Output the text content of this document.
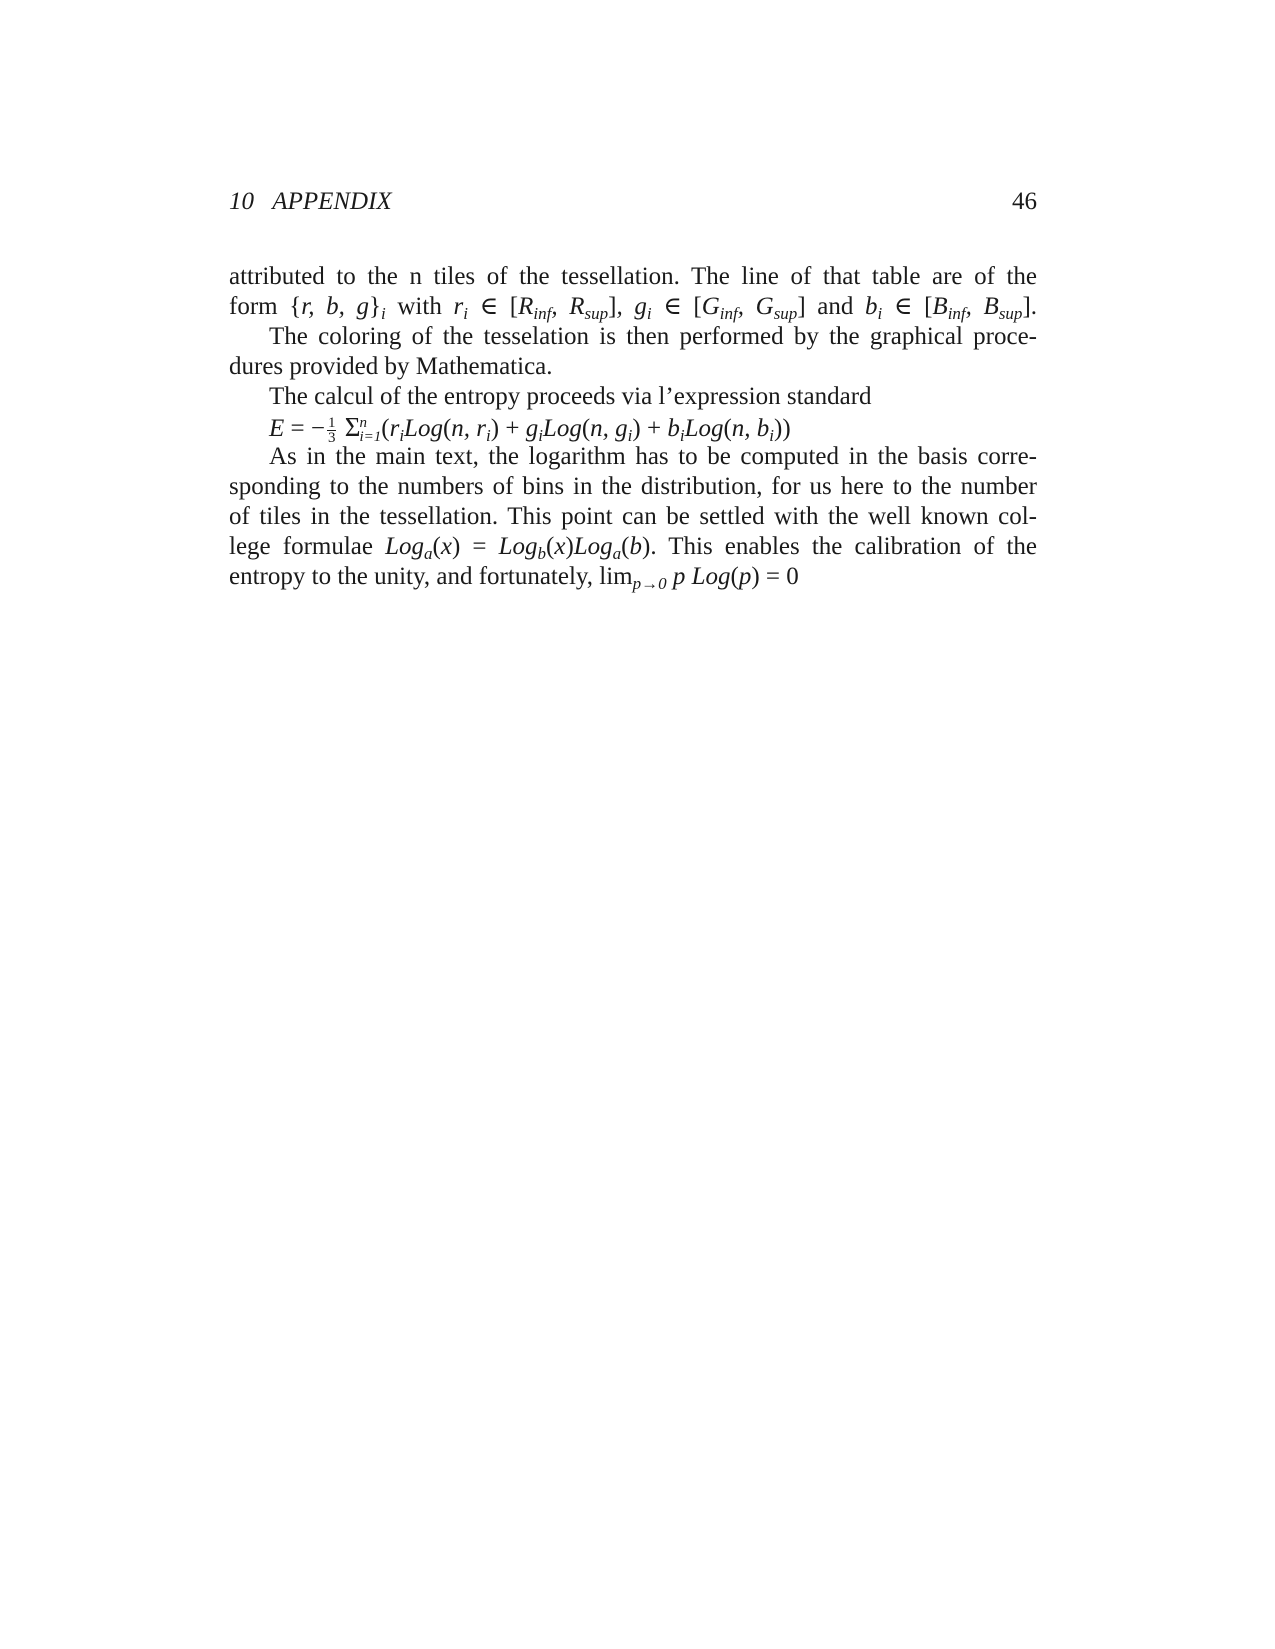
10   APPENDIX	46
attributed to the n tiles of the tessellation. The line of that table are of the
form {r, b, $g\}_i$ with $r_i$ ∈ [$R_{inf}$, $R_{sup}$], $g_i$ ∈ [$G_{inf}$, $G_{sup}$] and $b_i$ ∈ [$B_{inf}$, $B_{sup}$].
The coloring of the tesselation is then performed by the graphical proce-
dures provided by Mathematica.
The calcul of the entropy proceeds via l’expression standard
E = − $\frac{1}{3}$ Σ n
i=1 ($r_iLog(n$, $r_i) + g_iLog(n$, $g_i) + b_iLog(n$, $b_i$))
As in the main text, the logarithm has to be computed in the basis corre-
sponding to the numbers of bins in the distribution, for us here to the number
of tiles in the tessellation. This point can be settled with the well known col-
lege formulae Log$_a$(x) = Log$_b$(x)Log$_a$(b). This enables the calibration of the
entropy to the unity, and fortunately, $\lim_{p\to 0} p$ Log(p) = 0
